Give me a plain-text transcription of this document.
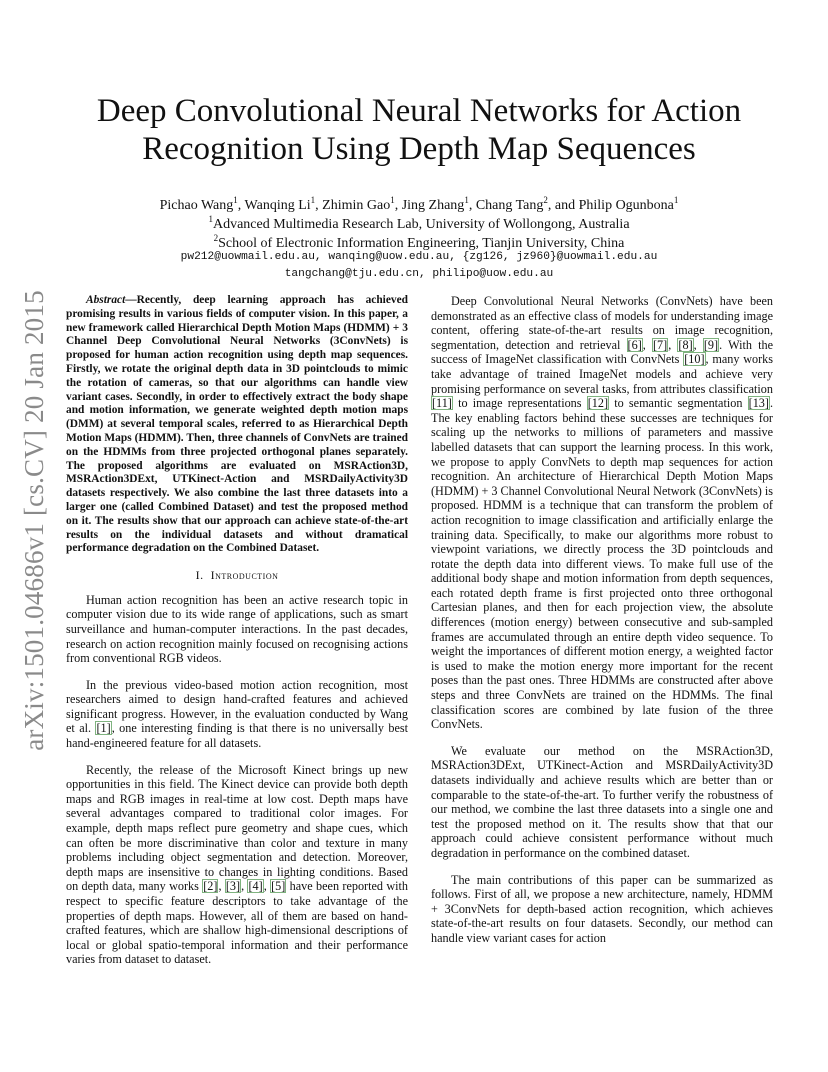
arXiv:1501.04686v1 [cs.CV] 20 Jan 2015
Deep Convolutional Neural Networks for Action Recognition Using Depth Map Sequences
Pichao Wang$^1$, Wanqing Li$^1$, Zhimin Gao$^1$, Jing Zhang$^1$, Chang Tang$^2$, and Philip Ogunbona$^1$
$^1$Advanced Multimedia Research Lab, University of Wollongong, Australia
$^2$School of Electronic Information Engineering, Tianjin University, China
pw212@uowmail.edu.au, wanqing@uow.edu.au, {zg126, jz960}@uowmail.edu.au
tangchang@tju.edu.cn, philipo@uow.edu.au

Abstract—Recently, deep learning approach has achieved promising results in various fields of computer vision. In this paper, a new framework called Hierarchical Depth Motion Maps (HDMM) + 3 Channel Deep Convolutional Neural Networks (3ConvNets) is proposed for human action recognition using depth map sequences. Firstly, we rotate the original depth data in 3D pointclouds to mimic the rotation of cameras, so that our algorithms can handle view variant cases. Secondly, in order to effectively extract the body shape and motion information, we generate weighted depth motion maps (DMM) at several temporal scales, referred to as Hierarchical Depth Motion Maps (HDMM). Then, three channels of ConvNets are trained on the HDMMs from three projected orthogonal planes separately. The proposed algorithms are evaluated on MSRAction3D, MSRAction3DExt, UTKinect-Action and MSRDailyActivity3D datasets respectively. We also combine the last three datasets into a larger one (called Combined Dataset) and test the proposed method on it. The results show that our approach can achieve state-of-the-art results on the individual datasets and without dramatical performance degradation on the Combined Dataset.

I. Introduction

Human action recognition has been an active research topic in computer vision due to its wide range of applications, such as smart surveillance and human-computer interactions. In the past decades, research on action recognition mainly focused on recognising actions from conventional RGB videos.

In the previous video-based motion action recognition, most researchers aimed to design hand-crafted features and achieved significant progress. However, in the evaluation conducted by Wang et al. [1], one interesting finding is that there is no universally best hand-engineered feature for all datasets.

Recently, the release of the Microsoft Kinect brings up new opportunities in this field. The Kinect device can provide both depth maps and RGB images in real-time at low cost. Depth maps have several advantages compared to traditional color images. For example, depth maps reflect pure geometry and shape cues, which can often be more discriminative than color and texture in many problems including object segmentation and detection. Moreover, depth maps are insensitive to changes in lighting conditions. Based on depth data, many works [2], [3], [4], [5] have been reported with respect to specific feature descriptors to take advantage of the properties of depth maps. However, all of them are based on hand-crafted features, which are shallow high-dimensional descriptions of local or global spatio-temporal information and their performance varies from dataset to dataset.

Deep Convolutional Neural Networks (ConvNets) have been demonstrated as an effective class of models for understanding image content, offering state-of-the-art results on image recognition, segmentation, detection and retrieval [6], [7], [8], [9]. With the success of ImageNet classification with ConvNets [10], many works take advantage of trained ImageNet models and achieve very promising performance on several tasks, from attributes classification [11] to image representations [12] to semantic segmentation [13]. The key enabling factors behind these successes are techniques for scaling up the networks to millions of parameters and massive labelled datasets that can support the learning process. In this work, we propose to apply ConvNets to depth map sequences for action recognition. An architecture of Hierarchical Depth Motion Maps (HDMM) + 3 Channel Convolutional Neural Network (3ConvNets) is proposed. HDMM is a technique that can transform the problem of action recognition to image classification and artificially enlarge the training data. Specifically, to make our algorithms more robust to viewpoint variations, we directly process the 3D pointclouds and rotate the depth data into different views. To make full use of the additional body shape and motion information from depth sequences, each rotated depth frame is first projected onto three orthogonal Cartesian planes, and then for each projection view, the absolute differences (motion energy) between consecutive and sub-sampled frames are accumulated through an entire depth video sequence. To weight the importances of different motion energy, a weighted factor is used to make the motion energy more important for the recent poses than the past ones. Three HDMMs are constructed after above steps and three ConvNets are trained on the HDMMs. The final classification scores are combined by late fusion of the three ConvNets.

We evaluate our method on the MSRAction3D, MSRAction3DExt, UTKinect-Action and MSRDailyActivity3D datasets individually and achieve results which are better than or comparable to the state-of-the-art. To further verify the robustness of our method, we combine the last three datasets into a single one and test the proposed method on it. The results show that that our approach could achieve consistent performance without much degradation in performance on the combined dataset.

The main contributions of this paper can be summarized as follows. First of all, we propose a new architecture, namely, HDMM + 3ConvNets for depth-based action recognition, which achieves state-of-the-art results on four datasets. Secondly, our method can handle view variant cases for action
